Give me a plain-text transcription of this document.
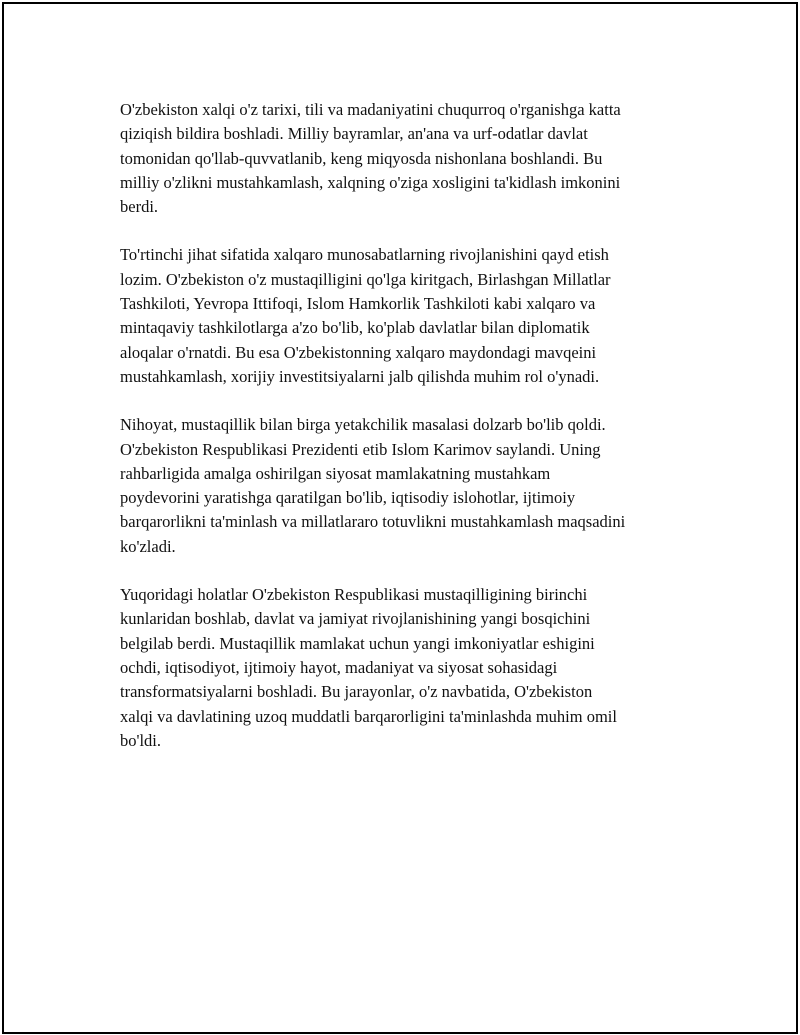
O'zbekiston xalqi o'z tarixi, tili va madaniyatini chuqurroq o'rganishga katta
qiziqish bildira boshladi. Milliy bayramlar, an'ana va urf-odatlar davlat
tomonidan qo'llab-quvvatlanib, keng miqyosda nishonlana boshlandi. Bu
milliy o'zlikni mustahkamlash, xalqning o'ziga xosligini ta'kidlash imkonini
berdi.

To'rtinchi jihat sifatida xalqaro munosabatlarning rivojlanishini qayd etish
lozim. O'zbekiston o'z mustaqilligini qo'lga kiritgach, Birlashgan Millatlar
Tashkiloti, Yevropa Ittifoqi, Islom Hamkorlik Tashkiloti kabi xalqaro va
mintaqaviy tashkilotlarga a'zo bo'lib, ko'plab davlatlar bilan diplomatik
aloqalar o'rnatdi. Bu esa O'zbekistonning xalqaro maydondagi mavqeini
mustahkamlash, xorijiy investitsiyalarni jalb qilishda muhim rol o'ynadi.

Nihoyat, mustaqillik bilan birga yetakchilik masalasi dolzarb bo'lib qoldi.
O'zbekiston Respublikasi Prezidenti etib Islom Karimov saylandi. Uning
rahbarligida amalga oshirilgan siyosat mamlakatning mustahkam
poydevorini yaratishga qaratilgan bo'lib, iqtisodiy islohotlar, ijtimoiy
barqarorlikni ta'minlash va millatlararo totuvlikni mustahkamlash maqsadini
ko'zladi.

Yuqoridagi holatlar O'zbekiston Respublikasi mustaqilligining birinchi
kunlaridan boshlab, davlat va jamiyat rivojlanishining yangi bosqichini
belgilab berdi. Mustaqillik mamlakat uchun yangi imkoniyatlar eshigini
ochdi, iqtisodiyot, ijtimoiy hayot, madaniyat va siyosat sohasidagi
transformatsiyalarni boshladi. Bu jarayonlar, o'z navbatida, O'zbekiston
xalqi va davlatining uzoq muddatli barqarorligini ta'minlashda muhim omil
bo'ldi.
